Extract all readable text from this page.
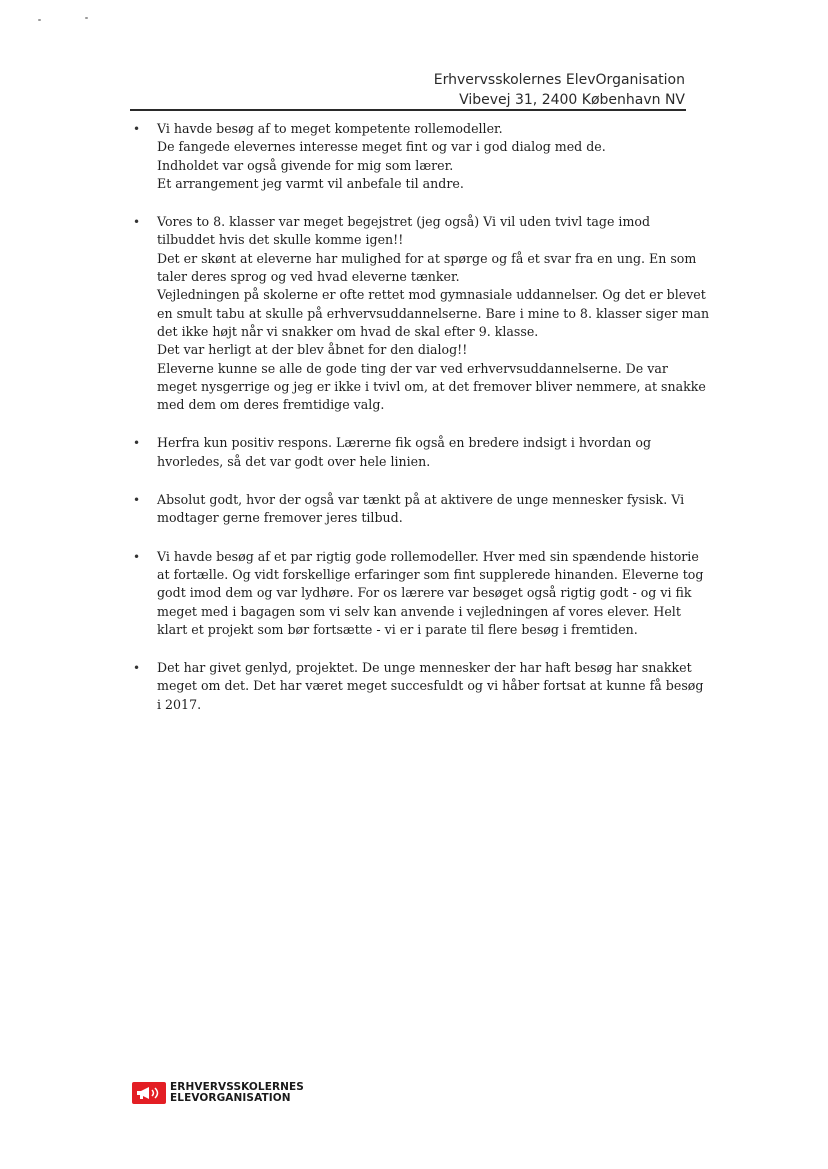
Erhvervsskolernes ElevOrganisation
Vibevej 31, 2400 København NV
• Vi havde besøg af to meget kompetente rollemodeller.
De fangede elevernes interesse meget fint og var i god dialog med de.
Indholdet var også givende for mig som lærer.
Et arrangement jeg varmt vil anbefale til andre.
• Vores to 8. klasser var meget begejstret (jeg også) Vi vil uden tvivl tage imod
tilbuddet hvis det skulle komme igen!!
Det er skønt at eleverne har mulighed for at spørge og få et svar fra en ung. En som
taler deres sprog og ved hvad eleverne tænker.
Vejledningen på skolerne er ofte rettet mod gymnasiale uddannelser. Og det er blevet
en smult tabu at skulle på erhvervsuddannelserne. Bare i mine to 8. klasser siger man
det ikke højt når vi snakker om hvad de skal efter 9. klasse.
Det var herligt at der blev åbnet for den dialog!!
Eleverne kunne se alle de gode ting der var ved erhvervsuddannelserne. De var
meget nysgerrige og jeg er ikke i tvivl om, at det fremover bliver nemmere, at snakke
med dem om deres fremtidige valg.
• Herfra kun positiv respons. Lærerne fik også en bredere indsigt i hvordan og
hvorledes, så det var godt over hele linien.
• Absolut godt, hvor der også var tænkt på at aktivere de unge mennesker fysisk. Vi
modtager gerne fremover jeres tilbud.
• Vi havde besøg af et par rigtig gode rollemodeller. Hver med sin spændende historie
at fortælle. Og vidt forskellige erfaringer som fint supplerede hinanden. Eleverne tog
godt imod dem og var lydhøre. For os lærere var besøget også rigtig godt - og vi fik
meget med i bagagen som vi selv kan anvende i vejledningen af vores elever. Helt
klart et projekt som bør fortsætte - vi er i parate til flere besøg i fremtiden.
• Det har givet genlyd, projektet. De unge mennesker der har haft besøg har snakket
meget om det. Det har været meget succesfuldt og vi håber fortsat at kunne få besøg
i 2017.
ERHVERVSSKOLERNES
ELEVORGANISATION
